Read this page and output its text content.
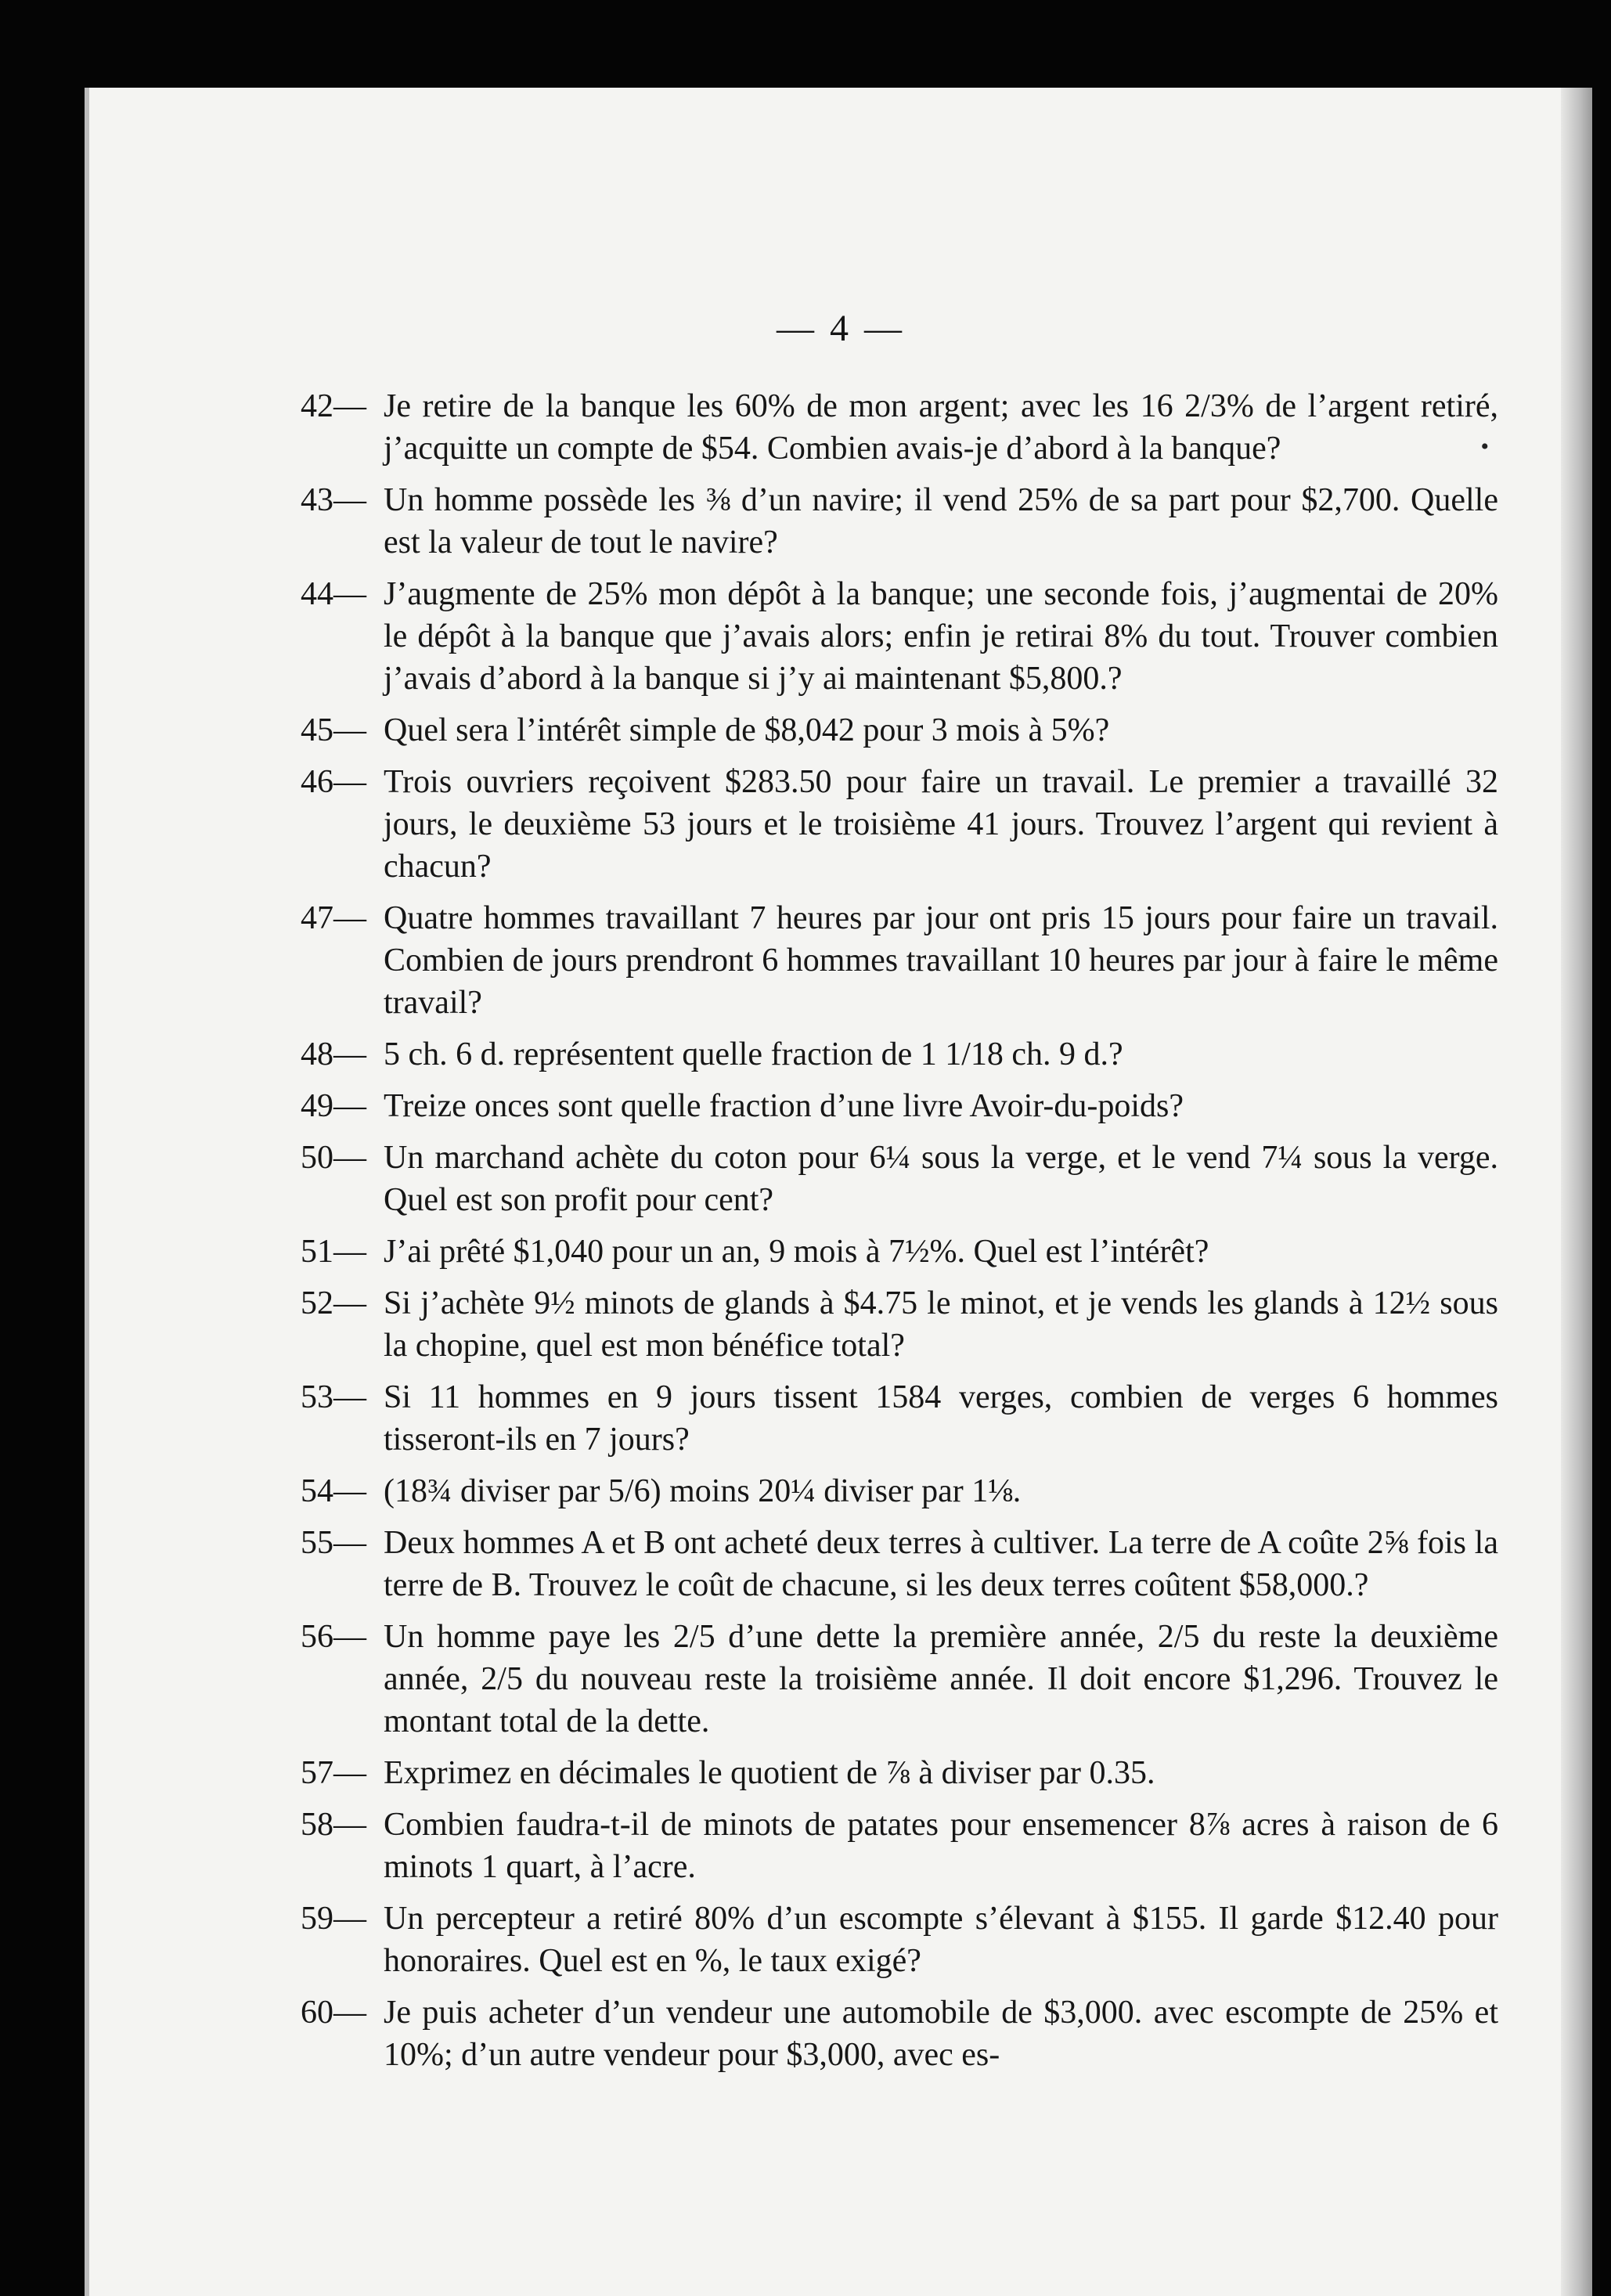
— 4 —
42— Je retire de la banque les 60% de mon argent; avec les 16 2/3% de l’argent retiré, j’acquitte un compte de $54. Combien avais-je d’abord à la banque?	•
43— Un homme possède les ⅜ d’un navire; il vend 25% de sa part pour $2,700. Quelle est la valeur de tout le navire?
44— J’augmente de 25% mon dépôt à la banque; une seconde fois, j’augmentai de 20% le dépôt à la banque que j’avais alors; enfin je retirai 8% du tout. Trouver combien j’avais d’abord à la banque si j’y ai maintenant $5,800.?
45— Quel sera l’intérêt simple de $8,042 pour 3 mois à 5%?
46— Trois ouvriers reçoivent $283.50 pour faire un travail. Le premier a travaillé 32 jours, le deuxième 53 jours et le troisième 41 jours. Trouvez l’argent qui revient à chacun?
47— Quatre hommes travaillant 7 heures par jour ont pris 15 jours pour faire un travail. Combien de jours prendront 6 hommes travaillant 10 heures par jour à faire le même travail?
48— 5 ch. 6 d. représentent quelle fraction de 1 1/18 ch. 9 d.?
49— Treize onces sont quelle fraction d’une livre Avoir-du-poids?
50— Un marchand achète du coton pour 6¼ sous la verge, et le vend 7¼ sous la verge. Quel est son profit pour cent?
51— J’ai prêté $1,040 pour un an, 9 mois à 7½%. Quel est l’intérêt?
52— Si j’achète 9½ minots de glands à $4.75 le minot, et je vends les glands à 12½ sous la chopine, quel est mon bénéfice total?
53— Si 11 hommes en 9 jours tissent 1584 verges, combien de verges 6 hommes tisseront-ils en 7 jours?
54— (18¾ diviser par 5/6) moins 20¼ diviser par 1⅛.
55— Deux hommes A et B ont acheté deux terres à cultiver. La terre de A coûte 2⅝ fois la terre de B. Trouvez le coût de chacune, si les deux terres coûtent $58,000.?
56— Un homme paye les 2/5 d’une dette la première année, 2/5 du reste la deuxième année, 2/5 du nouveau reste la troisième année. Il doit encore $1,296. Trouvez le montant total de la dette.
57— Exprimez en décimales le quotient de ⅞ à diviser par 0.35.
58— Combien faudra-t-il de minots de patates pour ensemencer 8⅞ acres à raison de 6 minots 1 quart, à l’acre.
59— Un percepteur a retiré 80% d’un escompte s’élevant à $155. Il garde $12.40 pour honoraires. Quel est en %, le taux exigé?
60— Je puis acheter d’un vendeur une automobile de $3,000. avec escompte de 25% et 10%; d’un autre vendeur pour $3,000, avec es-
